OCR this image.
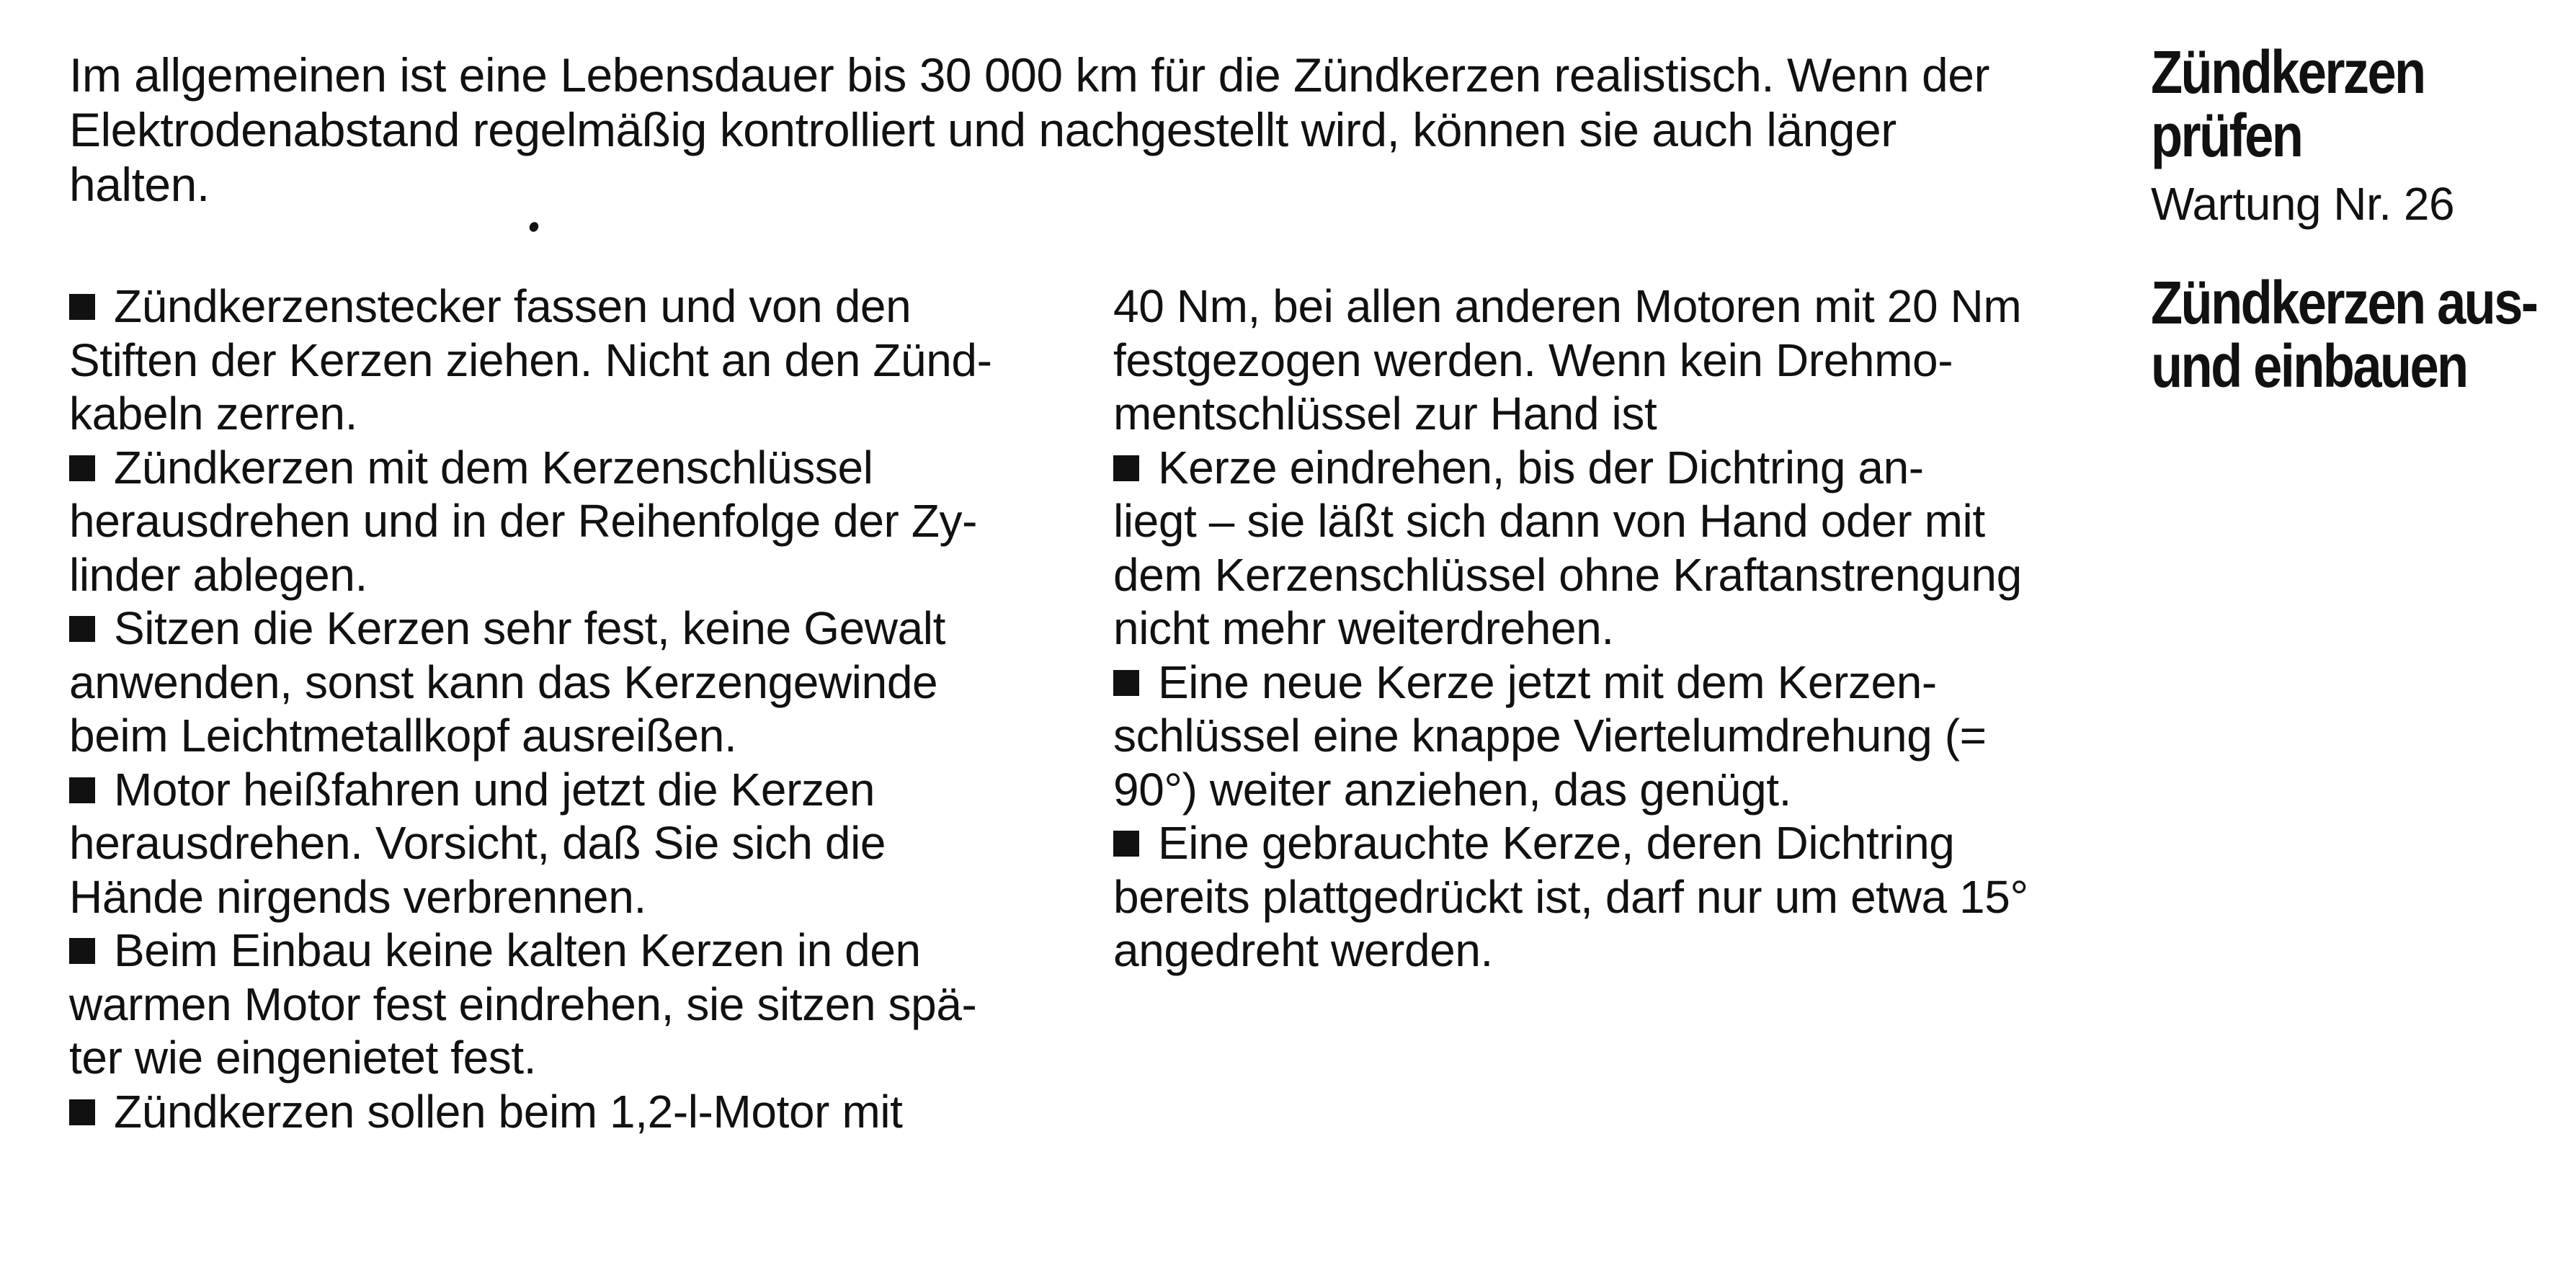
Im allgemeinen ist eine Lebensdauer bis 30 000 km für die Zündkerzen realistisch. Wenn der
Elektrodenabstand regelmäßig kontrolliert und nachgestellt wird, können sie auch länger
halten.

Zündkerzenstecker fassen und von den
Stiften der Kerzen ziehen. Nicht an den Zünd-
kabeln zerren.

Zündkerzen mit dem Kerzenschlüssel
herausdrehen und in der Reihenfolge der Zy-
linder ablegen.

Sitzen die Kerzen sehr fest, keine Gewalt
anwenden, sonst kann das Kerzengewinde
beim Leichtmetallkopf ausreißen.

Motor heißfahren und jetzt die Kerzen
herausdrehen. Vorsicht, daß Sie sich die
Hände nirgends verbrennen.

Beim Einbau keine kalten Kerzen in den
warmen Motor fest eindrehen, sie sitzen spä-
ter wie eingenietet fest.

Zündkerzen sollen beim 1,2-l-Motor mit

40 Nm, bei allen anderen Motoren mit 20 Nm
festgezogen werden. Wenn kein Drehmo-
mentschlüssel zur Hand ist

Kerze eindrehen, bis der Dichtring an-
liegt – sie läßt sich dann von Hand oder mit
dem Kerzenschlüssel ohne Kraftanstrengung
nicht mehr weiterdrehen.

Eine neue Kerze jetzt mit dem Kerzen-
schlüssel eine knappe Viertelumdrehung (=
90°) weiter anziehen, das genügt.

Eine gebrauchte Kerze, deren Dichtring
bereits plattgedrückt ist, darf nur um etwa 15°
angedreht werden.

Zündkerzen
prüfen

Wartung Nr. 26

Zündkerzen aus-
und einbauen
